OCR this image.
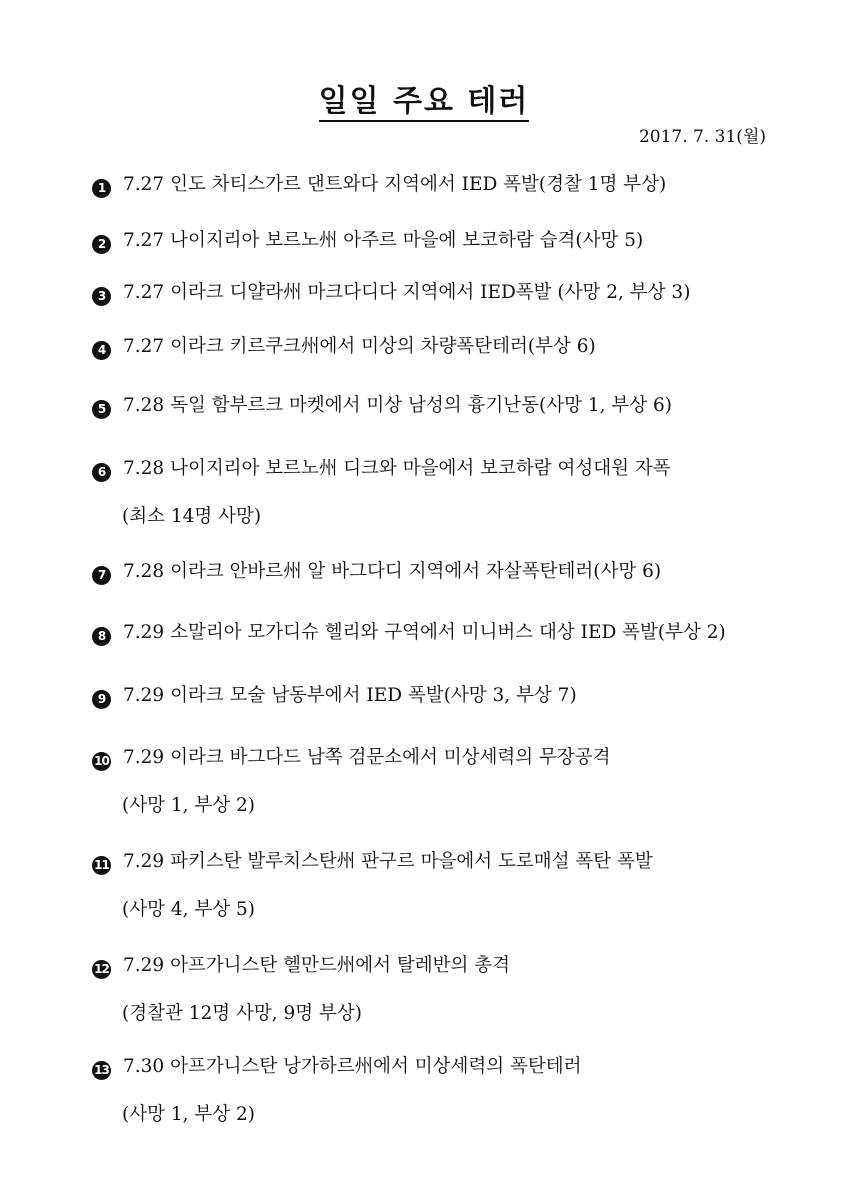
일일 주요 테러
2017. 7. 31(월)
1 7.27 인도 차티스가르 댄트와다 지역에서 IED 폭발(경찰 1명 부상)
2 7.27 나이지리아 보르노州 아주르 마을에 보코하람 습격(사망 5)
3 7.27 이라크 디얄라州 마크다디다 지역에서 IED폭발 (사망 2, 부상 3)
4 7.27 이라크 키르쿠크州에서 미상의 차량폭탄테러(부상 6)
5 7.28 독일 함부르크 마켓에서 미상 남성의 흉기난동(사망 1, 부상 6)
6 7.28 나이지리아 보르노州 디크와 마을에서 보코하람 여성대원 자폭
(최소 14명 사망)
7 7.28 이라크 안바르州 알 바그다디 지역에서 자살폭탄테러(사망 6)
8 7.29 소말리아 모가디슈 헬리와 구역에서 미니버스 대상 IED 폭발(부상 2)
9 7.29 이라크 모술 남동부에서 IED 폭발(사망 3, 부상 7)
10 7.29 이라크 바그다드 남쪽 검문소에서 미상세력의 무장공격
(사망 1, 부상 2)
11 7.29 파키스탄 발루치스탄州 판구르 마을에서 도로매설 폭탄 폭발
(사망 4, 부상 5)
12 7.29 아프가니스탄 헬만드州에서 탈레반의 총격
(경찰관 12명 사망, 9명 부상)
13 7.30 아프가니스탄 낭가하르州에서 미상세력의 폭탄테러
(사망 1, 부상 2)
